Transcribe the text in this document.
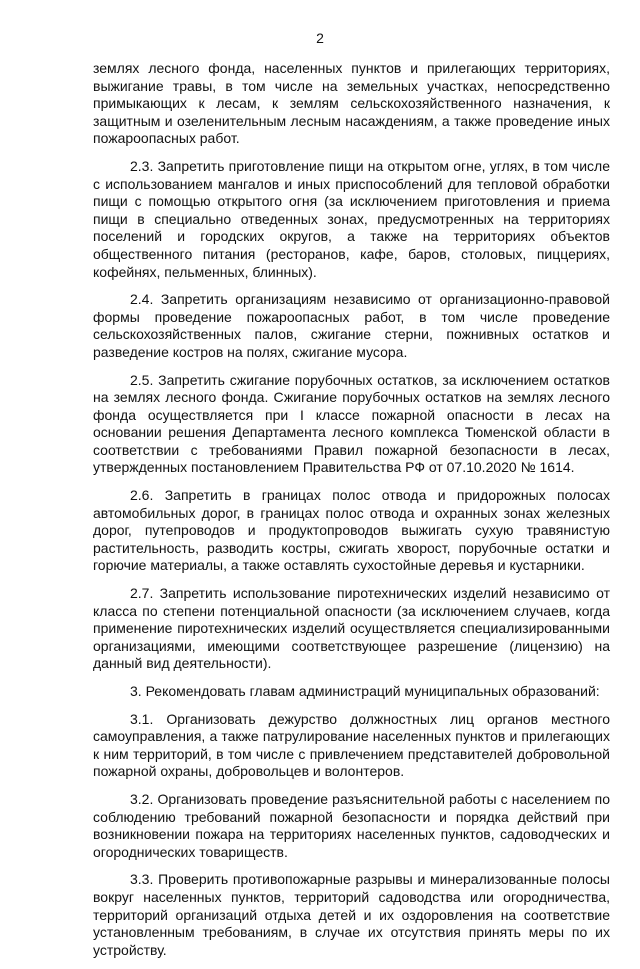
2

землях лесного фонда, населенных пунктов и прилегающих территориях, выжигание травы, в том числе на земельных участках, непосредственно примыкающих к лесам, к землям сельскохозяйственного назначения, к защитным и озеленительным лесным насаждениям, а также проведение иных пожароопасных работ.

2.3. Запретить приготовление пищи на открытом огне, углях, в том числе с использованием мангалов и иных приспособлений для тепловой обработки пищи с помощью открытого огня (за исключением приготовления и приема пищи в специально отведенных зонах, предусмотренных на территориях поселений и городских округов, а также на территориях объектов общественного питания (ресторанов, кафе, баров, столовых, пиццериях, кофейнях, пельменных, блинных).

2.4. Запретить организациям независимо от организационно-правовой формы проведение пожароопасных работ, в том числе проведение сельскохозяйственных палов, сжигание стерни, пожнивных остатков и разведение костров на полях, сжигание мусора.

2.5. Запретить сжигание порубочных остатков, за исключением остатков на землях лесного фонда. Сжигание порубочных остатков на землях лесного фонда осуществляется при I классе пожарной опасности в лесах на основании решения Департамента лесного комплекса Тюменской области в соответствии с требованиями Правил пожарной безопасности в лесах, утвержденных постановлением Правительства РФ от 07.10.2020 № 1614.

2.6. Запретить в границах полос отвода и придорожных полосах автомобильных дорог, в границах полос отвода и охранных зонах железных дорог, путепроводов и продуктопроводов выжигать сухую травянистую растительность, разводить костры, сжигать хворост, порубочные остатки и горючие материалы, а также оставлять сухостойные деревья и кустарники.

2.7. Запретить использование пиротехнических изделий независимо от класса по степени потенциальной опасности (за исключением случаев, когда применение пиротехнических изделий осуществляется специализированными организациями, имеющими соответствующее разрешение (лицензию) на данный вид деятельности).

3. Рекомендовать главам администраций муниципальных образований:

3.1. Организовать дежурство должностных лиц органов местного самоуправления, а также патрулирование населенных пунктов и прилегающих к ним территорий, в том числе с привлечением представителей добровольной пожарной охраны, добровольцев и волонтеров.

3.2. Организовать проведение разъяснительной работы с населением по соблюдению требований пожарной безопасности и порядка действий при возникновении пожара на территориях населенных пунктов, садоводческих и огороднических товариществ.

3.3. Проверить противопожарные разрывы и минерализованные полосы вокруг населенных пунктов, территорий садоводства или огородничества, территорий организаций отдыха детей и их оздоровления на соответствие установленным требованиям, в случае их отсутствия принять меры по их устройству.
